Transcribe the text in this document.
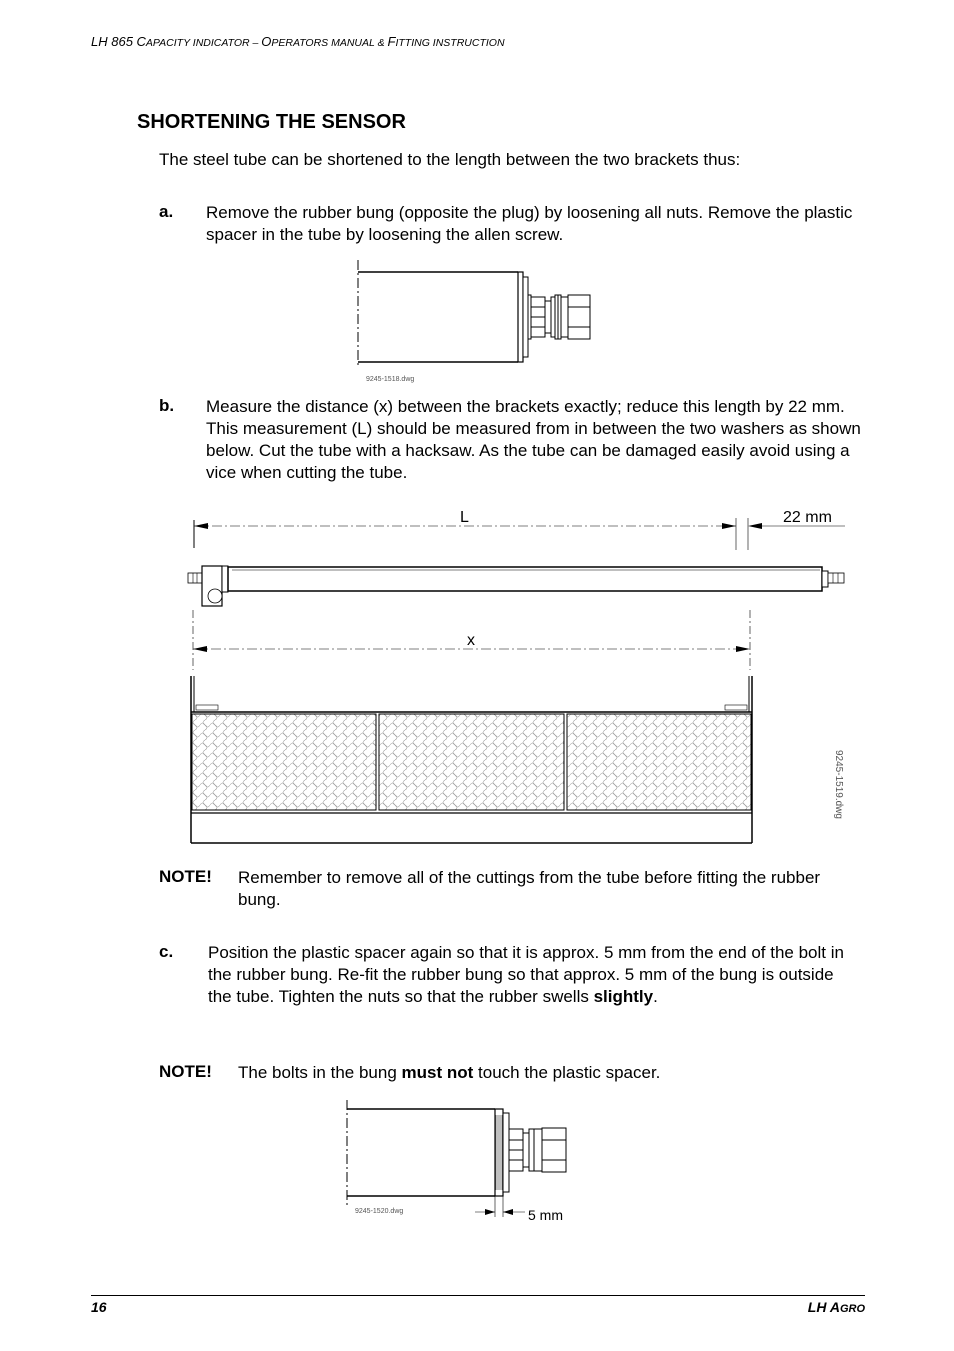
LH 865 CAPACITY INDICATOR – OPERATORS MANUAL & FITTING INSTRUCTION
SHORTENING THE SENSOR
The steel tube can be shortened to the length between the two brackets thus:
a. Remove the rubber bung (opposite the plug) by loosening all nuts. Remove the plastic spacer in the tube by loosening the allen screw.
9245-1518.dwg
b. Measure the distance (x) between the brackets exactly; reduce this length by 22 mm. This measurement (L) should be measured from in between the two washers as shown below. Cut the tube with a hacksaw. As the tube can be damaged easily avoid using a vice when cutting the tube.
L	22 mm
x
9245-1519.dwg
NOTE! Remember to remove all of the cuttings from the tube before fitting the rubber bung.
c. Position the plastic spacer again so that it is approx. 5 mm from the end of the bolt in the rubber bung. Re-fit the rubber bung so that approx. 5 mm of the bung is outside the tube. Tighten the nuts so that the rubber swells slightly.
NOTE! The bolts in the bung must not touch the plastic spacer.
5 mm
9245-1520.dwg
16	LH AGRO
